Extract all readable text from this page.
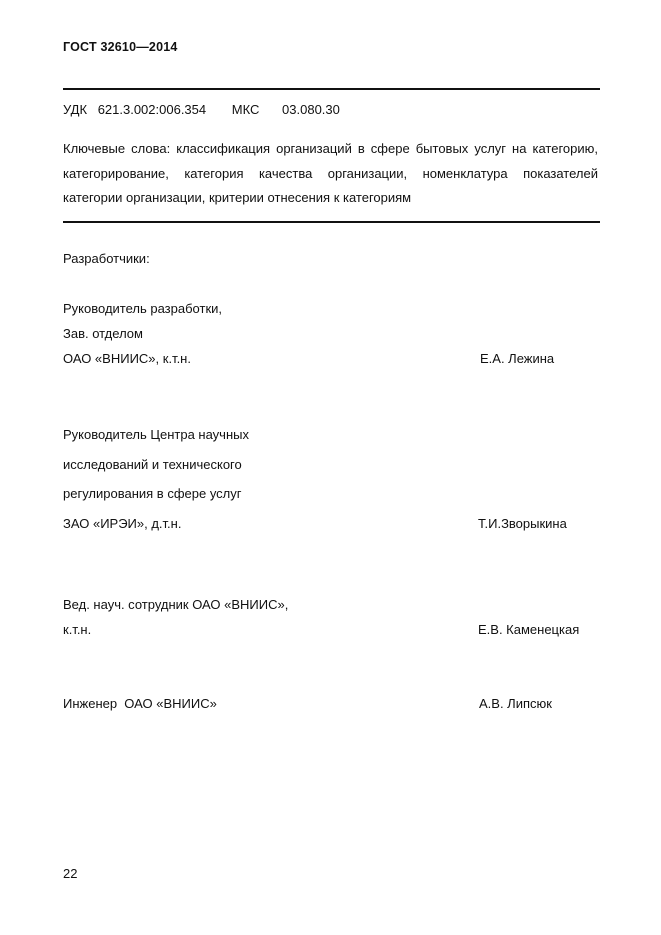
ГОСТ 32610—2014
УДК 621.3.002:006.354 МКС 03.080.30
Ключевые слова: классификация организаций в сфере бытовых услуг на категорию, категорирование, категория качества организации, номенклатура показателей категории организации, критерии отнесения к категориям
Разработчики:
Руководитель разработки,
Зав. отделом
ОАО «ВНИИС», к.т.н.	Е.А. Лежина
Руководитель Центра научных
исследований и технического
регулирования в сфере услуг
ЗАО «ИРЭИ», д.т.н.	Т.И.Зворыкина
Вед. науч. сотрудник ОАО «ВНИИС»,
к.т.н.	Е.В. Каменецкая
Инженер  ОАО «ВНИИС»	А.В. Липсюк
22
